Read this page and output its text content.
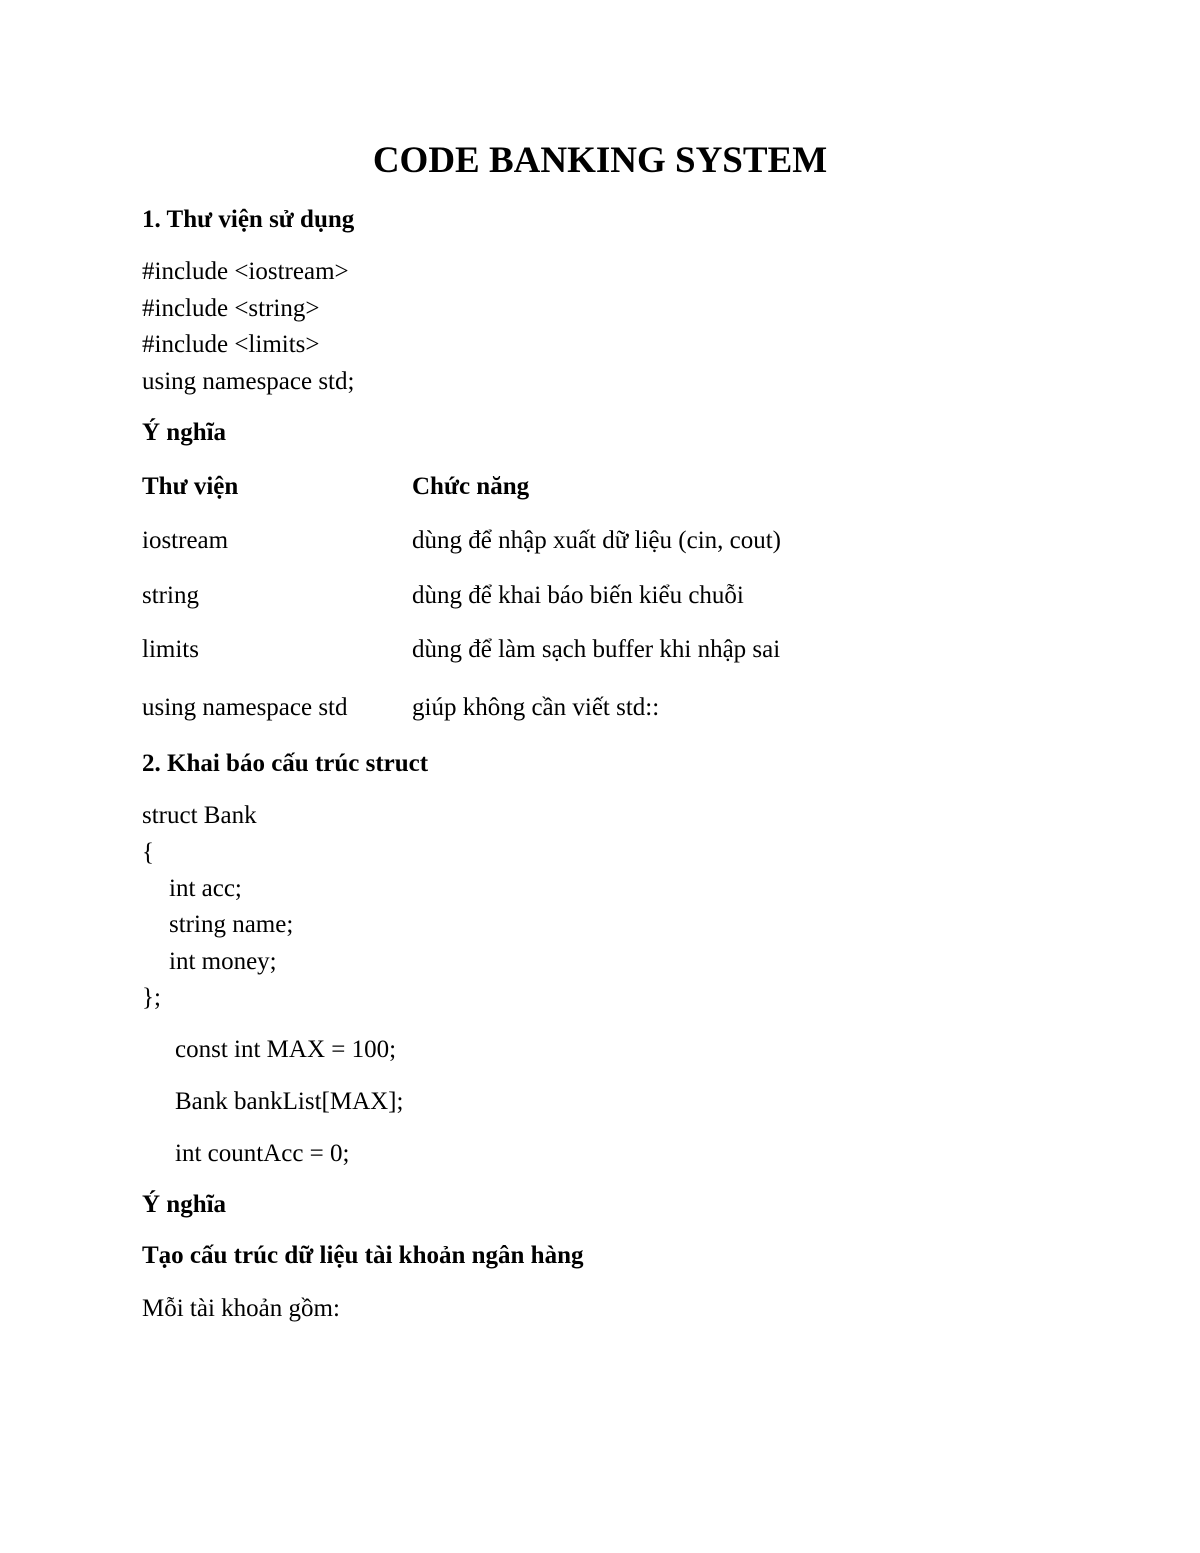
CODE BANKING SYSTEM
1. Thư viện sử dụng
#include <iostream>
#include <string>
#include <limits>
using namespace std;
Ý nghĩa
Thư viện	Chức năng
iostream	dùng để nhập xuất dữ liệu (cin, cout)
string	dùng để khai báo biến kiểu chuỗi
limits	dùng để làm sạch buffer khi nhập sai
using namespace std	giúp không cần viết std::
2. Khai báo cấu trúc struct
struct Bank
{
int acc;
string name;
int money;
};
const int MAX = 100;
Bank bankList[MAX];
int countAcc = 0;
Ý nghĩa
Tạo cấu trúc dữ liệu tài khoản ngân hàng
Mỗi tài khoản gồm:
